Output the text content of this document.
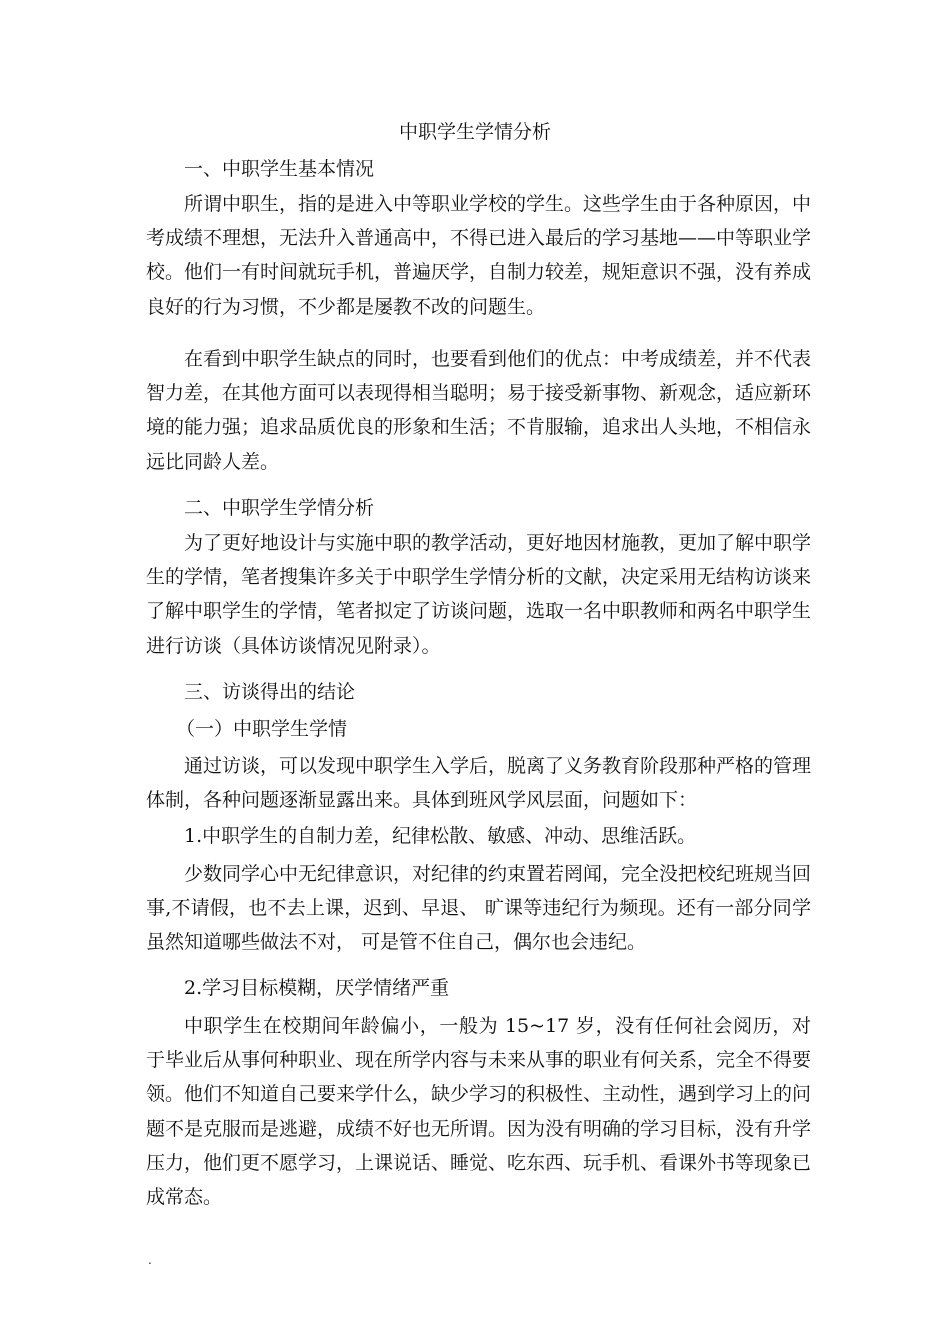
中职学生学情分析

一、中职学生基本情况

所谓中职生，指的是进入中等职业学校的学生。这些学生由于各种原因，中考成绩不理想，无法升入普通高中，不得已进入最后的学习基地——中等职业学校。他们一有时间就玩手机，普遍厌学，自制力较差，规矩意识不强，没有养成良好的行为习惯，不少都是屡教不改的问题生。

在看到中职学生缺点的同时，也要看到他们的优点：中考成绩差，并不代表智力差，在其他方面可以表现得相当聪明；易于接受新事物、新观念，适应新环境的能力强；追求品质优良的形象和生活；不肯服输，追求出人头地，不相信永远比同龄人差。

二、中职学生学情分析

为了更好地设计与实施中职的教学活动，更好地因材施教，更加了解中职学生的学情，笔者搜集许多关于中职学生学情分析的文献，决定采用无结构访谈来了解中职学生的学情，笔者拟定了访谈问题，选取一名中职教师和两名中职学生进行访谈（具体访谈情况见附录）。

三、访谈得出的结论

（一）中职学生学情

通过访谈，可以发现中职学生入学后，脱离了义务教育阶段那种严格的管理体制，各种问题逐渐显露出来。具体到班风学风层面，问题如下：

1.中职学生的自制力差，纪律松散、敏感、冲动、思维活跃。

少数同学心中无纪律意识，对纪律的约束置若罔闻，完全没把校纪班规当回事,不请假，也不去上课，迟到、早退、 旷课等违纪行为频现。还有一部分同学虽然知道哪些做法不对， 可是管不住自己，偶尔也会违纪。

2.学习目标模糊，厌学情绪严重

中职学生在校期间年龄偏小，一般为 15~17 岁，没有任何社会阅历，对于毕业后从事何种职业、现在所学内容与未来从事的职业有何关系，完全不得要领。他们不知道自己要来学什么，缺少学习的积极性、主动性，遇到学习上的问题不是克服而是逃避，成绩不好也无所谓。因为没有明确的学习目标，没有升学压力，他们更不愿学习，上课说话、睡觉、吃东西、玩手机、看课外书等现象已成常态。

.
